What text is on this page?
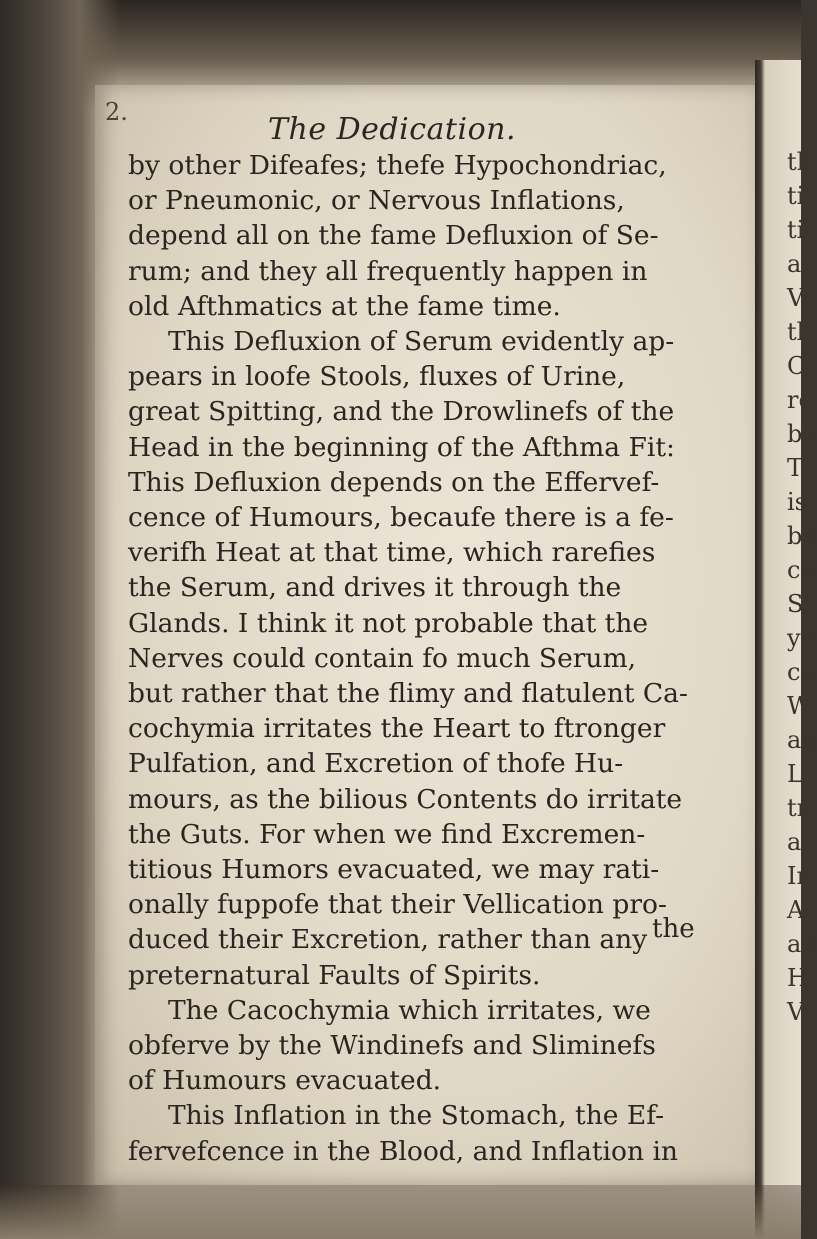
th
ti
ti
al
V
tl
C
re
be
T
is
be
ce
S
ye
co
W
an
L
tr
a
In
A
an
H
V
2.	The Dedication.
by other Difeafes; thefe Hypochondriac,
or Pneumonic, or Nervous Inflations,
depend all on the fame Defluxion of Se-
rum; and they all frequently happen in
old Afthmatics at the fame time.
This Defluxion of Serum evidently ap-
pears in loofe Stools, fluxes of Urine,
great Spitting, and the Drowlinefs of the
Head in the beginning of the Afthma Fit:
This Defluxion depends on the Effervef-
cence of Humours, becaufe there is a fe-
verifh Heat at that time, which rarefies
the Serum, and drives it through the
Glands. I think it not probable that the
Nerves could contain fo much Serum,
but rather that the flimy and flatulent Ca-
cochymia irritates the Heart to ftronger
Pulfation, and Excretion of thofe Hu-
mours, as the bilious Contents do irritate
the Guts. For when we find Excremen-
titious Humors evacuated, we may rati-
onally fuppofe that their Vellication pro-
duced their Excretion, rather than any
preternatural Faults of Spirits.
The Cacochymia which irritates, we
obferve by the Windinefs and Sliminefs
of Humours evacuated.
This Inflation in the Stomach, the Ef-
fervefcence in the Blood, and Inflation in
the
